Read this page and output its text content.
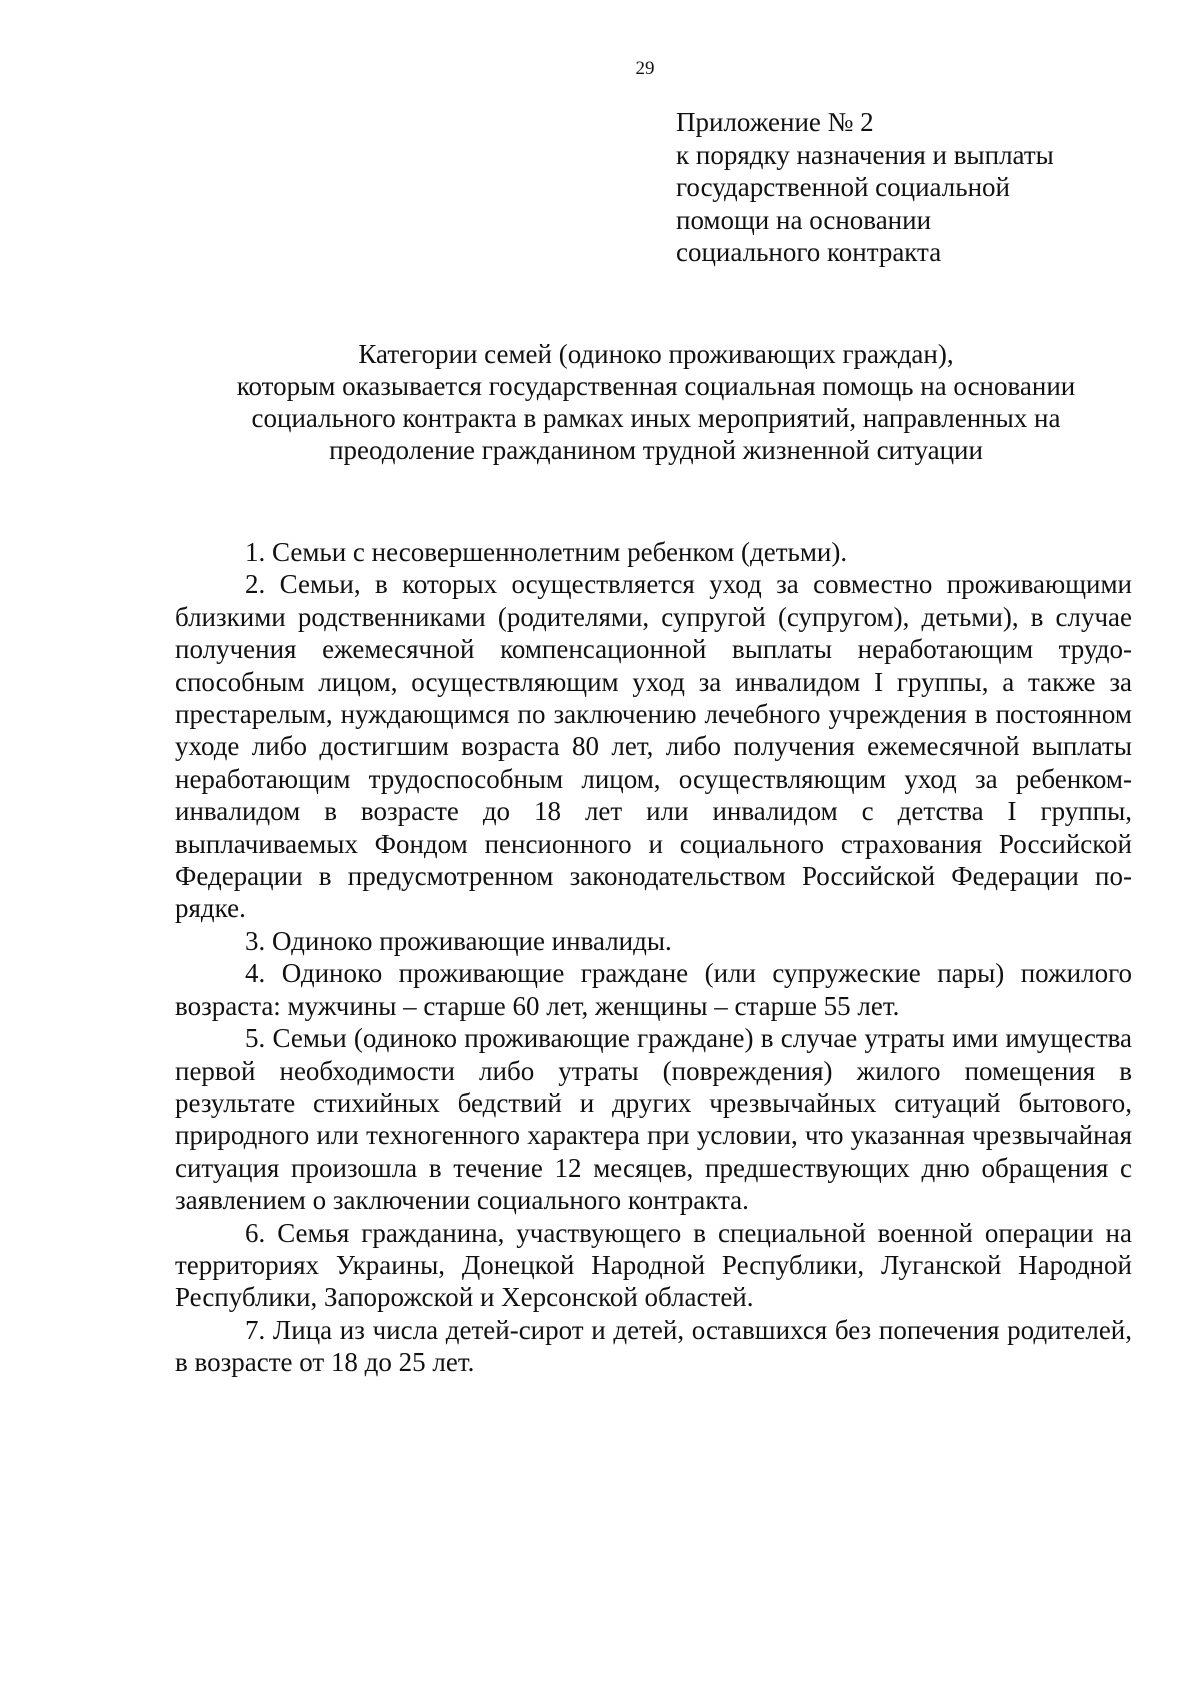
29
Приложение № 2
к порядку назначения и выплаты
государственной социальной
помощи на основании
социального контракта
Категории семей (одиноко проживающих граждан),
которым оказывается государственная социальная помощь на основании
социального контракта в рамках иных мероприятий, направленных на
преодоление гражданином трудной жизненной ситуации

1. Семьи с несовершеннолетним ребенком (детьми).

2. Семьи, в которых осуществляется уход за совместно проживающими близкими родственниками (родителями, супругой (супругом), детьми), в случае получения ежемесячной компенсационной выплаты неработающим трудоспособным лицом, осуществляющим уход за инвалидом I группы, а также за престарелым, нуждающимся по заключению лечебного учреждения в постоянном уходе либо достигшим возраста 80 лет, либо получения ежемесячной выплаты неработающим трудоспособным лицом, осуществляющим уход за ребенком-инвалидом в возрасте до 18 лет или инвалидом с детства I группы, выплачиваемых Фондом пенсионного и социального страхования Российской Федерации в предусмотренном законодательством Российской Федерации порядке.

3. Одиноко проживающие инвалиды.

4. Одиноко проживающие граждане (или супружеские пары) пожилого возраста: мужчины – старше 60 лет, женщины – старше 55 лет.

5. Семьи (одиноко проживающие граждане) в случае утраты ими имущества первой необходимости либо утраты (повреждения) жилого помещения в результате стихийных бедствий и других чрезвычайных ситуаций бытового, природного или техногенного характера при условии, что указанная чрезвычайная ситуация произошла в течение 12 месяцев, предшествующих дню обращения с заявлением о заключении социального контракта.

6. Семья гражданина, участвующего в специальной военной операции на территориях Украины, Донецкой Народной Республики, Луганской Народной Республики, Запорожской и Херсонской областей.

7. Лица из числа детей-сирот и детей, оставшихся без попечения родителей, в возрасте от 18 до 25 лет.
